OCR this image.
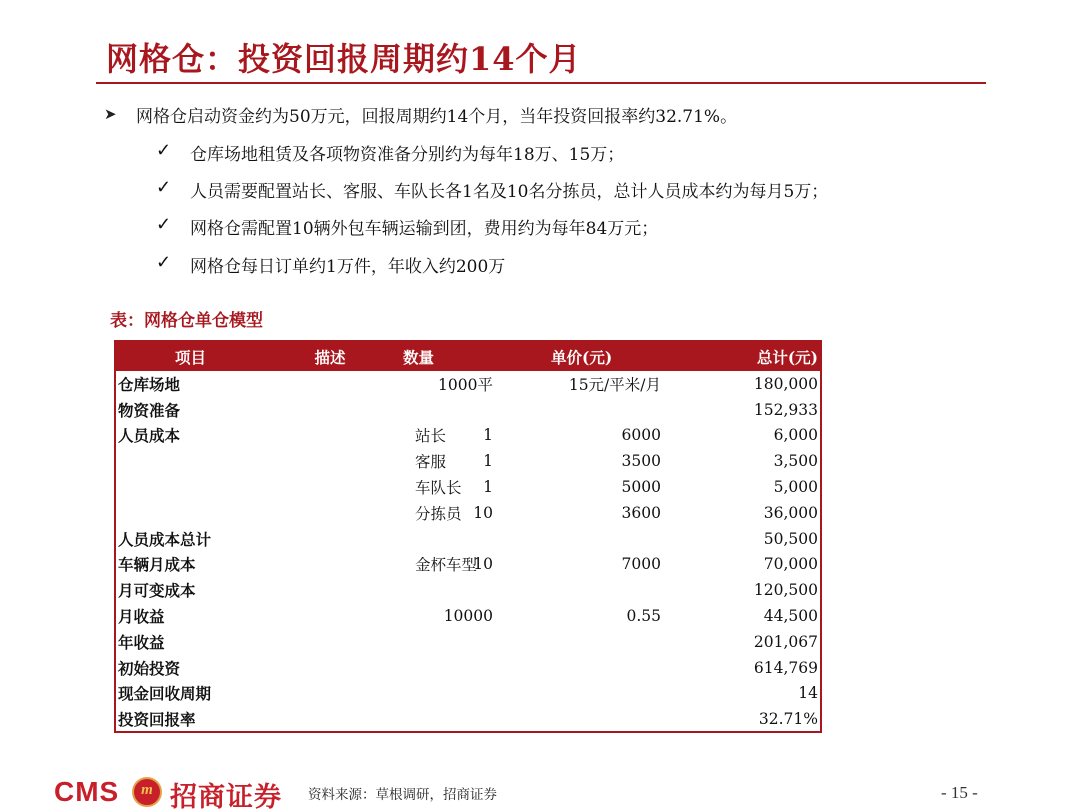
网格仓：投资回报周期约14个月
➤ 网格仓启动资金约为50万元，回报周期约14个月，当年投资回报率约32.71%。
✓ 仓库场地租赁及各项物资准备分别约为每年18万、15万；
✓ 人员需要配置站长、客服、车队长各1名及10名分拣员，总计人员成本约为每月5万；
✓ 网格仓需配置10辆外包车辆运输到团，费用约为每年84万元；
✓ 网格仓每日订单约1万件，年收入约200万
表：网格仓单仓模型
项目	描述	数量	单价(元)	总计(元)
仓库场地		1000平	15元/平米/月	180,000
物资准备				152,933
人员成本	站长	1	6000	6,000
	客服	1	3500	3,500
	车队长	1	5000	5,000
	分拣员	10	3600	36,000
人员成本总计				50,500
车辆月成本	金杯车型	10	7000	70,000
月可变成本				120,500
月收益		10000	0.55	44,500
年收益				201,067
初始投资				614,769
现金回收周期				14
投资回报率				32.71%
CMS	m 招商证券 资料来源：草根调研，招商证券	- 15 -
